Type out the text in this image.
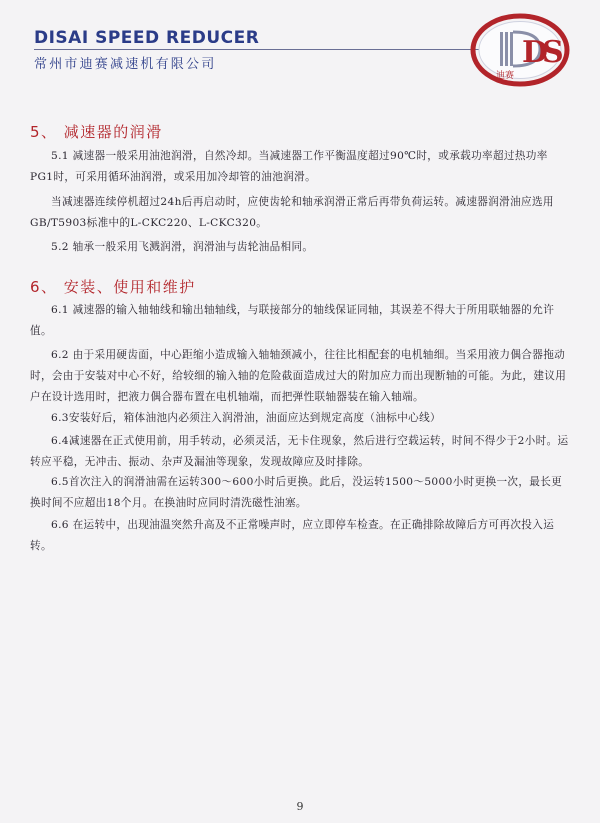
DISAI SPEED REDUCER
常州市迪赛减速机有限公司	DS
迪赛
5、 减速器的润滑

5.1 减速器一般采用油池润滑，自然冷却。当减速器工作平衡温度超过90℃时，或承载功率超过热功率PG1时，可采用循环油润滑，或采用加冷却管的油池润滑。

当减速器连续停机超过24h后再启动时，应使齿轮和轴承润滑正常后再带负荷运转。减速器润滑油应选用GB/T5903标准中的L-CKC220、L-CKC320。

5.2 轴承一般采用飞溅润滑，润滑油与齿轮油品相同。

6、 安装、使用和维护

6.1 减速器的输入轴轴线和输出轴轴线，与联接部分的轴线保证同轴，其误差不得大于所用联轴器的允许值。

6.2 由于采用硬齿面，中心距缩小造成输入轴轴颈减小，往往比相配套的电机轴细。当采用液力偶合器拖动时，会由于安装对中心不好，给较细的输入轴的危险截面造成过大的附加应力而出现断轴的可能。为此，建议用户在设计选用时，把液力偶合器布置在电机轴端，而把弹性联轴器装在输入轴端。

6.3安装好后，箱体油池内必须注入润滑油，油面应达到规定高度（油标中心线）

6.4减速器在正式使用前，用手转动，必须灵活，无卡住现象，然后进行空载运转，时间不得少于2小时。运转应平稳，无冲击、振动、杂声及漏油等现象，发现故障应及时排除。

6.5首次注入的润滑油需在运转300～600小时后更换。此后，没运转1500～5000小时更换一次，最长更换时间不应超出18个月。在换油时应同时清洗磁性油塞。

6.6 在运转中，出现油温突然升高及不正常噪声时，应立即停车检查。在正确排除故障后方可再次投入运转。

9
